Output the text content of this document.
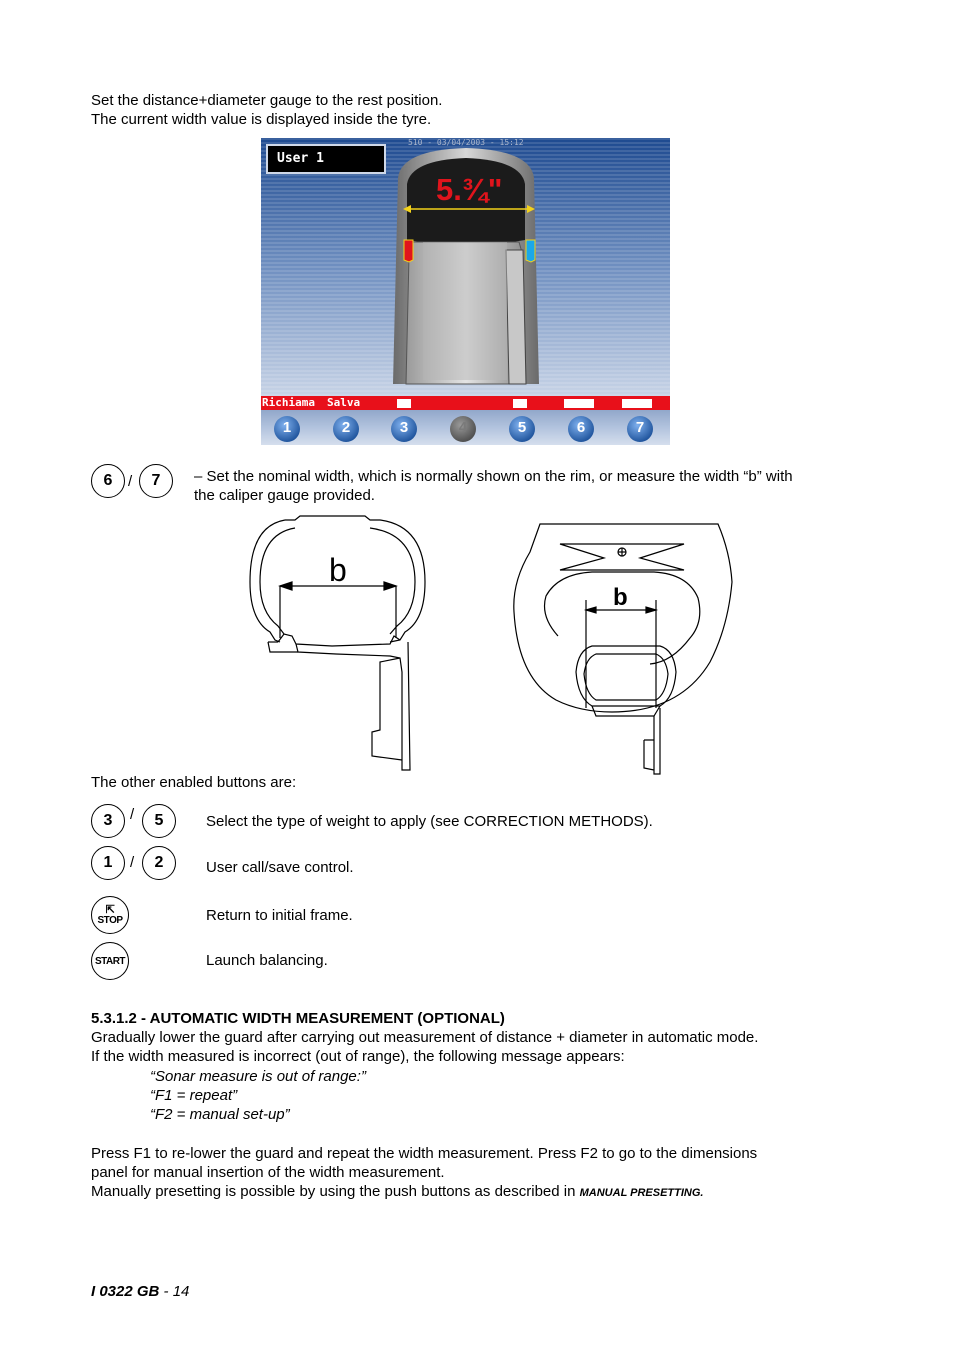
Set the distance+diameter gauge to the rest position.
The current width value is displayed inside the tyre.
User 1
510 - 03/04/2003 - 15:12
5.¾"
Richiama Salva
1	2	3	4	5	6	7
6	/	7	– Set the nominal width, which is normally shown on the rim, or measure the width “b” with
the caliper gauge provided.
b
b
The other enabled buttons are:
3	/	5	Select the type of weight to apply (see CORRECTION METHODS).
1	/	2	User call/save control.
⇱
STOP	Return to initial frame.
START	Launch balancing.
5.3.1.2 - AUTOMATIC WIDTH MEASUREMENT (OPTIONAL)
Gradually lower the guard after carrying out measurement of distance + diameter in automatic mode.
If the width measured is incorrect (out of range), the following message appears:
“Sonar measure is out of range:”
“F1 = repeat”
“F2 = manual set-up”
Press F1 to re-lower the guard and repeat the width measurement. Press F2 to go to the dimensions
panel for manual insertion of the width measurement.
Manually presetting is possible by using the push buttons as described in MANUAL PRESETTING.
I 0322 GB - 14
